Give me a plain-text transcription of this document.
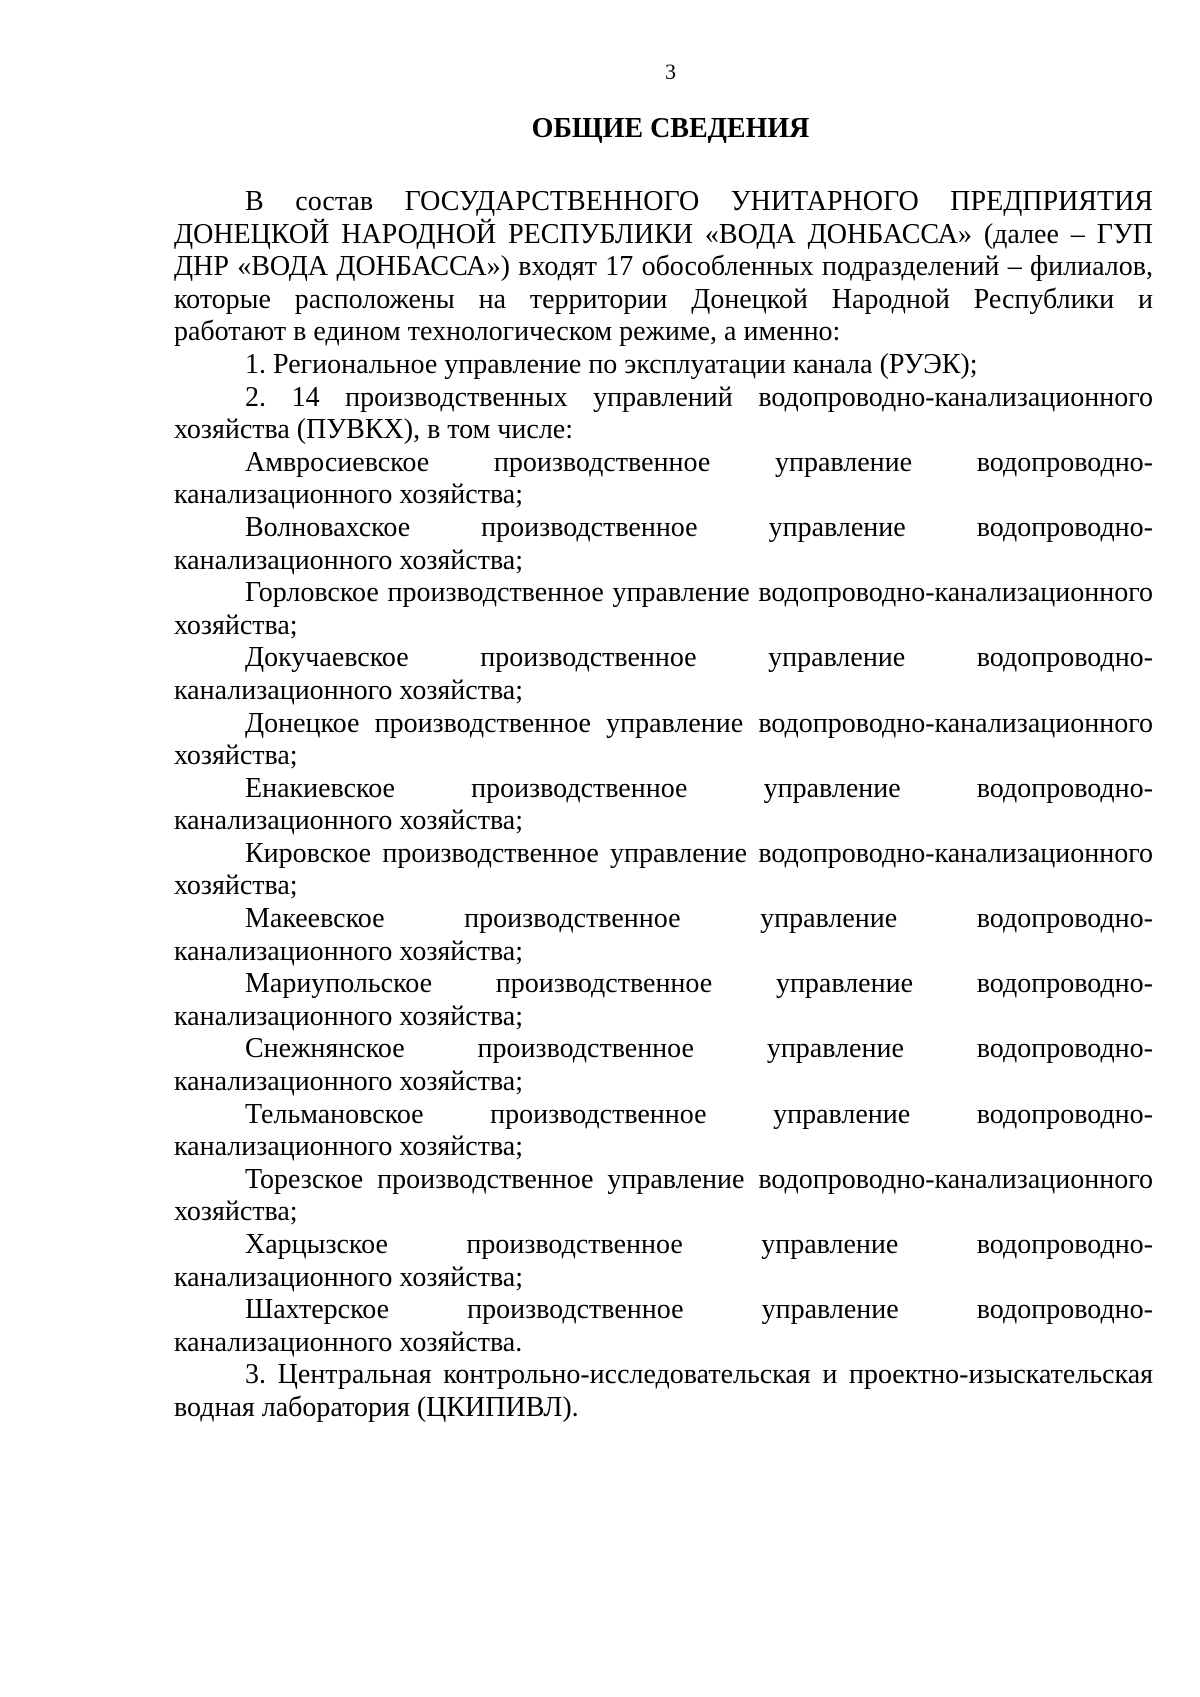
3
ОБЩИЕ СВЕДЕНИЯ

В состав ГОСУДАРСТВЕННОГО УНИТАРНОГО ПРЕДПРИЯТИЯ ДОНЕЦКОЙ НАРОДНОЙ РЕСПУБЛИКИ «ВОДА ДОНБАССА» (далее – ГУП ДНР «ВОДА ДОНБАССА») входят 17 обособленных подразделений – филиалов, которые расположены на территории Донецкой Народной Республики и работают в едином технологическом режиме, а именно:

1. Региональное управление по эксплуатации канала (РУЭК);

2. 14 производственных управлений водопроводно-канализационного хозяйства (ПУВКХ), в том числе:

Амвросиевское производственное управление водопроводно-канализационного хозяйства;

Волновахское производственное управление водопроводно-канализационного хозяйства;

Горловское производственное управление водопроводно-канализационного хозяйства;

Докучаевское производственное управление водопроводно-канализационного хозяйства;

Донецкое производственное управление водопроводно-канализационного хозяйства;

Енакиевское производственное управление водопроводно-канализационного хозяйства;

Кировское производственное управление водопроводно-канализационного хозяйства;

Макеевское производственное управление водопроводно-канализационного хозяйства;

Мариупольское производственное управление водопроводно-канализационного хозяйства;

Снежнянское производственное управление водопроводно-канализационного хозяйства;

Тельмановское производственное управление водопроводно-канализационного хозяйства;

Торезское производственное управление водопроводно-канализационного хозяйства;

Харцызское производственное управление водопроводно-канализационного хозяйства;

Шахтерское производственное управление водопроводно-канализационного хозяйства.

3. Центральная контрольно-исследовательская и проектно-изыскательская водная лаборатория (ЦКИПИВЛ).
